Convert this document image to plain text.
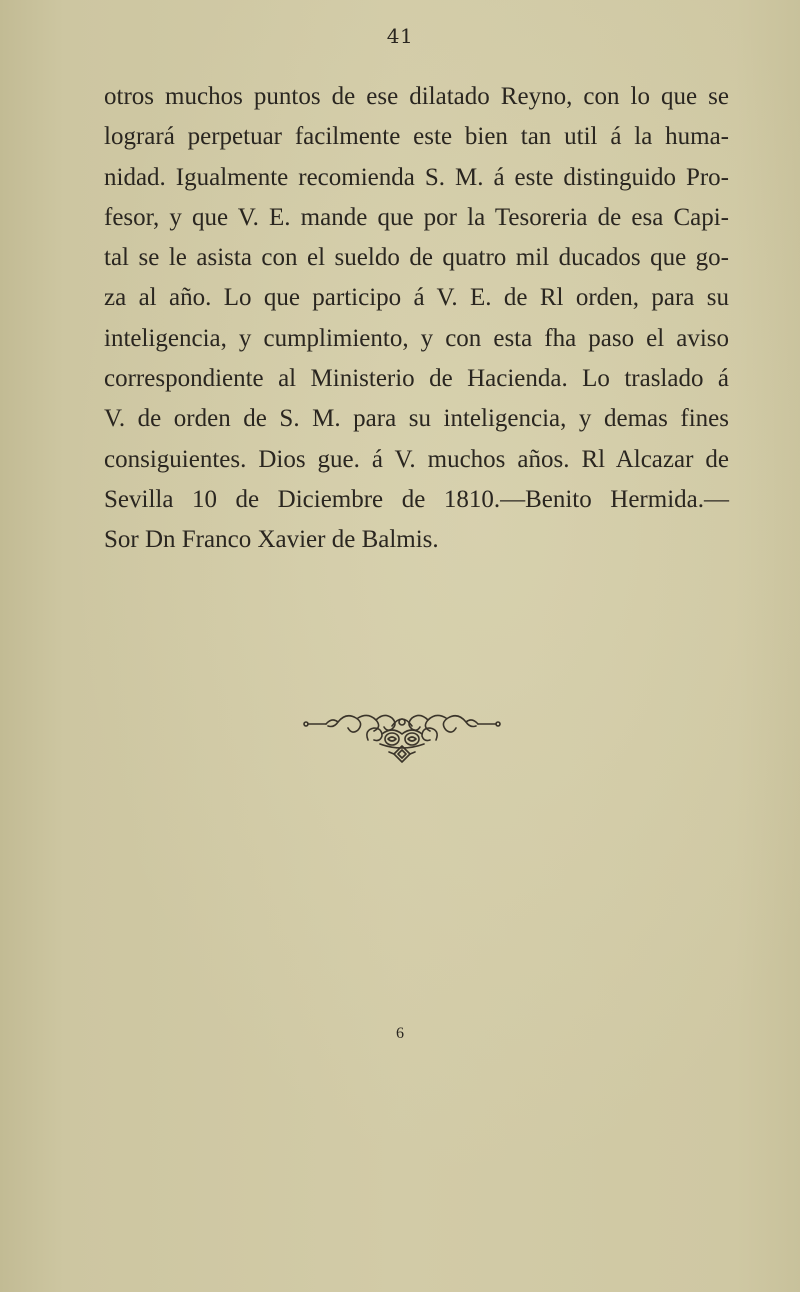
41
otros muchos puntos de ese dilatado Reyno, con lo que se
logrará perpetuar facilmente este bien tan util á la huma-
nidad. Igualmente recomienda S. M. á este distinguido Pro-
fesor, y que V. E. mande que por la Tesoreria de esa Capi-
tal se le asista con el sueldo de quatro mil ducados que go-
za al año. Lo que participo á V. E. de Rl orden, para su
inteligencia, y cumplimiento, y con esta fha paso el aviso
correspondiente al Ministerio de Hacienda. Lo traslado á
V. de orden de S. M. para su inteligencia, y demas fines
consiguientes. Dios gue. á V. muchos años. Rl Alcazar de
Sevilla 10 de Diciembre de 1810.—Benito Hermida.—
Sor Dn Franco Xavier de Balmis.
6
